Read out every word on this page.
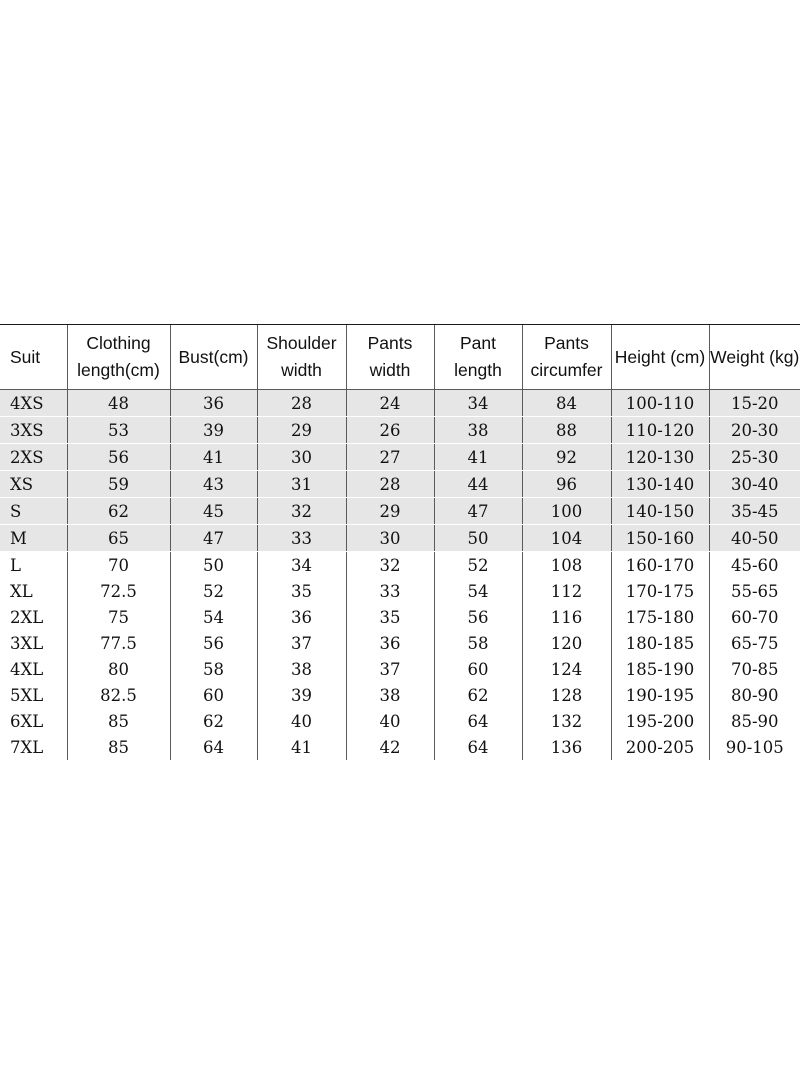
Suit	Clothing length(cm)	Bust(cm)	Shoulder width	Pants width	Pant length	Pants circumfer	Height (cm)	Weight (kg)
4XS	48	36	28	24	34	84	100-110	15-20
3XS	53	39	29	26	38	88	110-120	20-30
2XS	56	41	30	27	41	92	120-130	25-30
XS	59	43	31	28	44	96	130-140	30-40
S	62	45	32	29	47	100	140-150	35-45
M	65	47	33	30	50	104	150-160	40-50
L	70	50	34	32	52	108	160-170	45-60
XL	72.5	52	35	33	54	112	170-175	55-65
2XL	75	54	36	35	56	116	175-180	60-70
3XL	77.5	56	37	36	58	120	180-185	65-75
4XL	80	58	38	37	60	124	185-190	70-85
5XL	82.5	60	39	38	62	128	190-195	80-90
6XL	85	62	40	40	64	132	195-200	85-90
7XL	85	64	41	42	64	136	200-205	90-105
